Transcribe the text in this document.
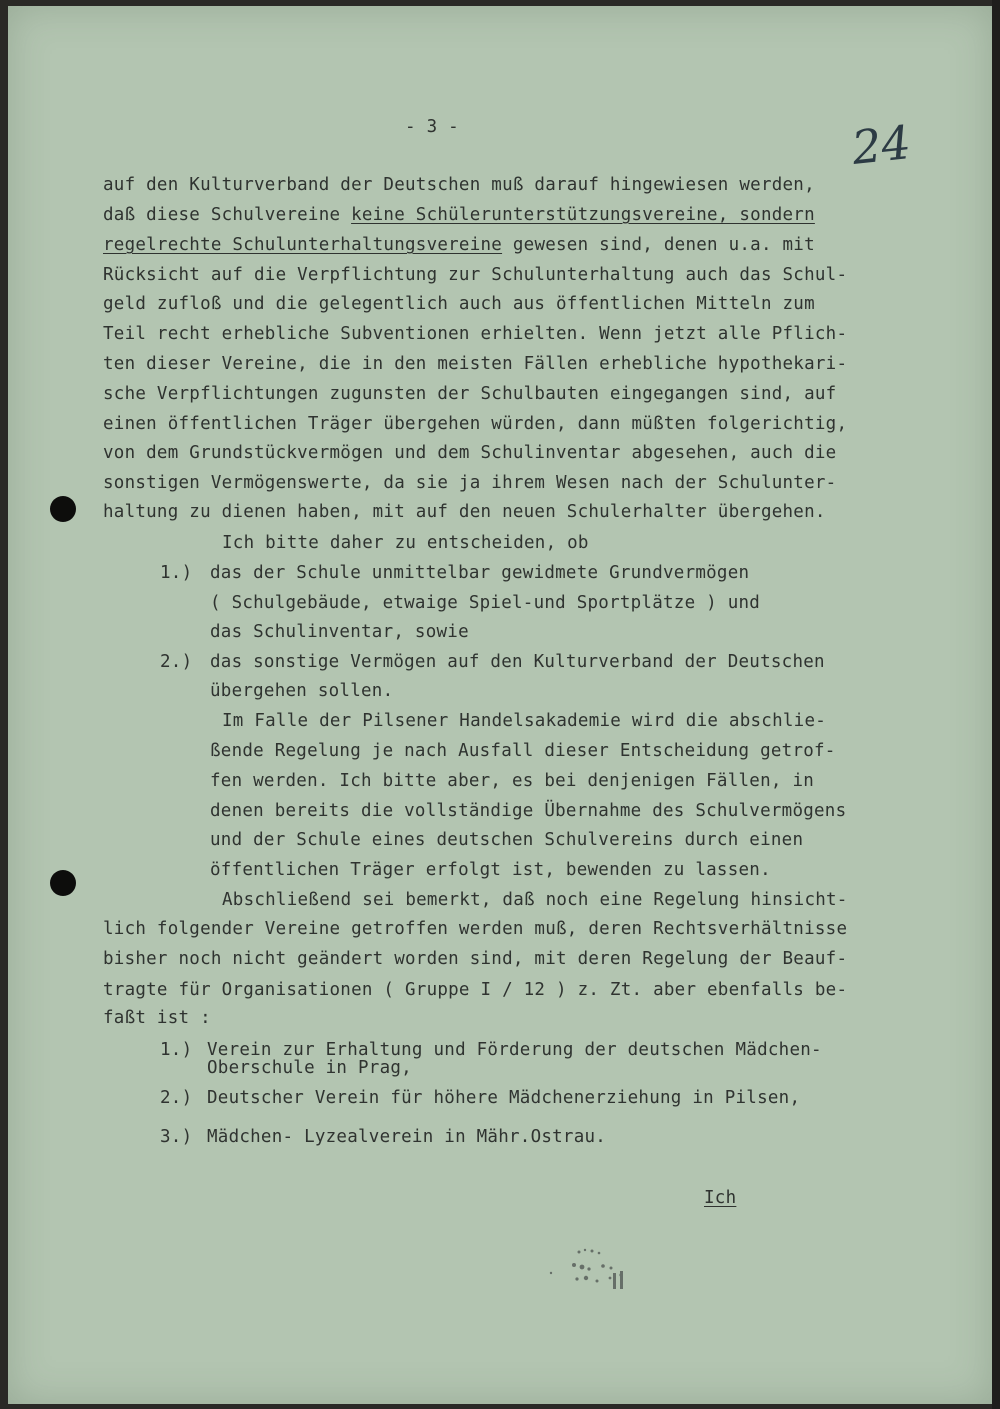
- 3 -	24
auf den Kulturverband der Deutschen muß darauf hingewiesen werden,
daß diese Schulvereine keine Schülerunterstützungsvereine, sondern
regelrechte Schulunterhaltungsvereine gewesen sind, denen u.a. mit
Rücksicht auf die Verpflichtung zur Schulunterhaltung auch das Schul-
geld zufloß und die gelegentlich auch aus öffentlichen Mitteln zum
Teil recht erhebliche Subventionen erhielten. Wenn jetzt alle Pflich-
ten dieser Vereine, die in den meisten Fällen erhebliche hypothekari-
sche Verpflichtungen zugunsten der Schulbauten eingegangen sind, auf
einen öffentlichen Träger übergehen würden, dann müßten folgerichtig,
von dem Grundstückvermögen und dem Schulinventar abgesehen, auch die
sonstigen Vermögenswerte, da sie ja ihrem Wesen nach der Schulunter-
haltung zu dienen haben, mit auf den neuen Schulerhalter übergehen.
Ich bitte daher zu entscheiden, ob
1.) das der Schule unmittelbar gewidmete Grundvermögen
( Schulgebäude, etwaige Spiel-und Sportplätze ) und
das Schulinventar, sowie
2.) das sonstige Vermögen auf den Kulturverband der Deutschen
übergehen sollen.
Im Falle der Pilsener Handelsakademie wird die abschlie-
ßende Regelung je nach Ausfall dieser Entscheidung getrof-
fen werden. Ich bitte aber, es bei denjenigen Fällen, in
denen bereits die vollständige Übernahme des Schulvermögens
und der Schule eines deutschen Schulvereins durch einen
öffentlichen Träger erfolgt ist, bewenden zu lassen.
Abschließend sei bemerkt, daß noch eine Regelung hinsicht-
lich folgender Vereine getroffen werden muß, deren Rechtsverhältnisse
bisher noch nicht geändert worden sind, mit deren Regelung der Beauf-
tragte für Organisationen ( Gruppe I / 12 ) z. Zt. aber ebenfalls be-
faßt ist :
1.) Verein zur Erhaltung und Förderung der deutschen Mädchen-
Oberschule in Prag,
2.) Deutscher Verein für höhere Mädchenerziehung in Pilsen,
3.) Mädchen- Lyzealverein in Mähr.Ostrau.
Ich
